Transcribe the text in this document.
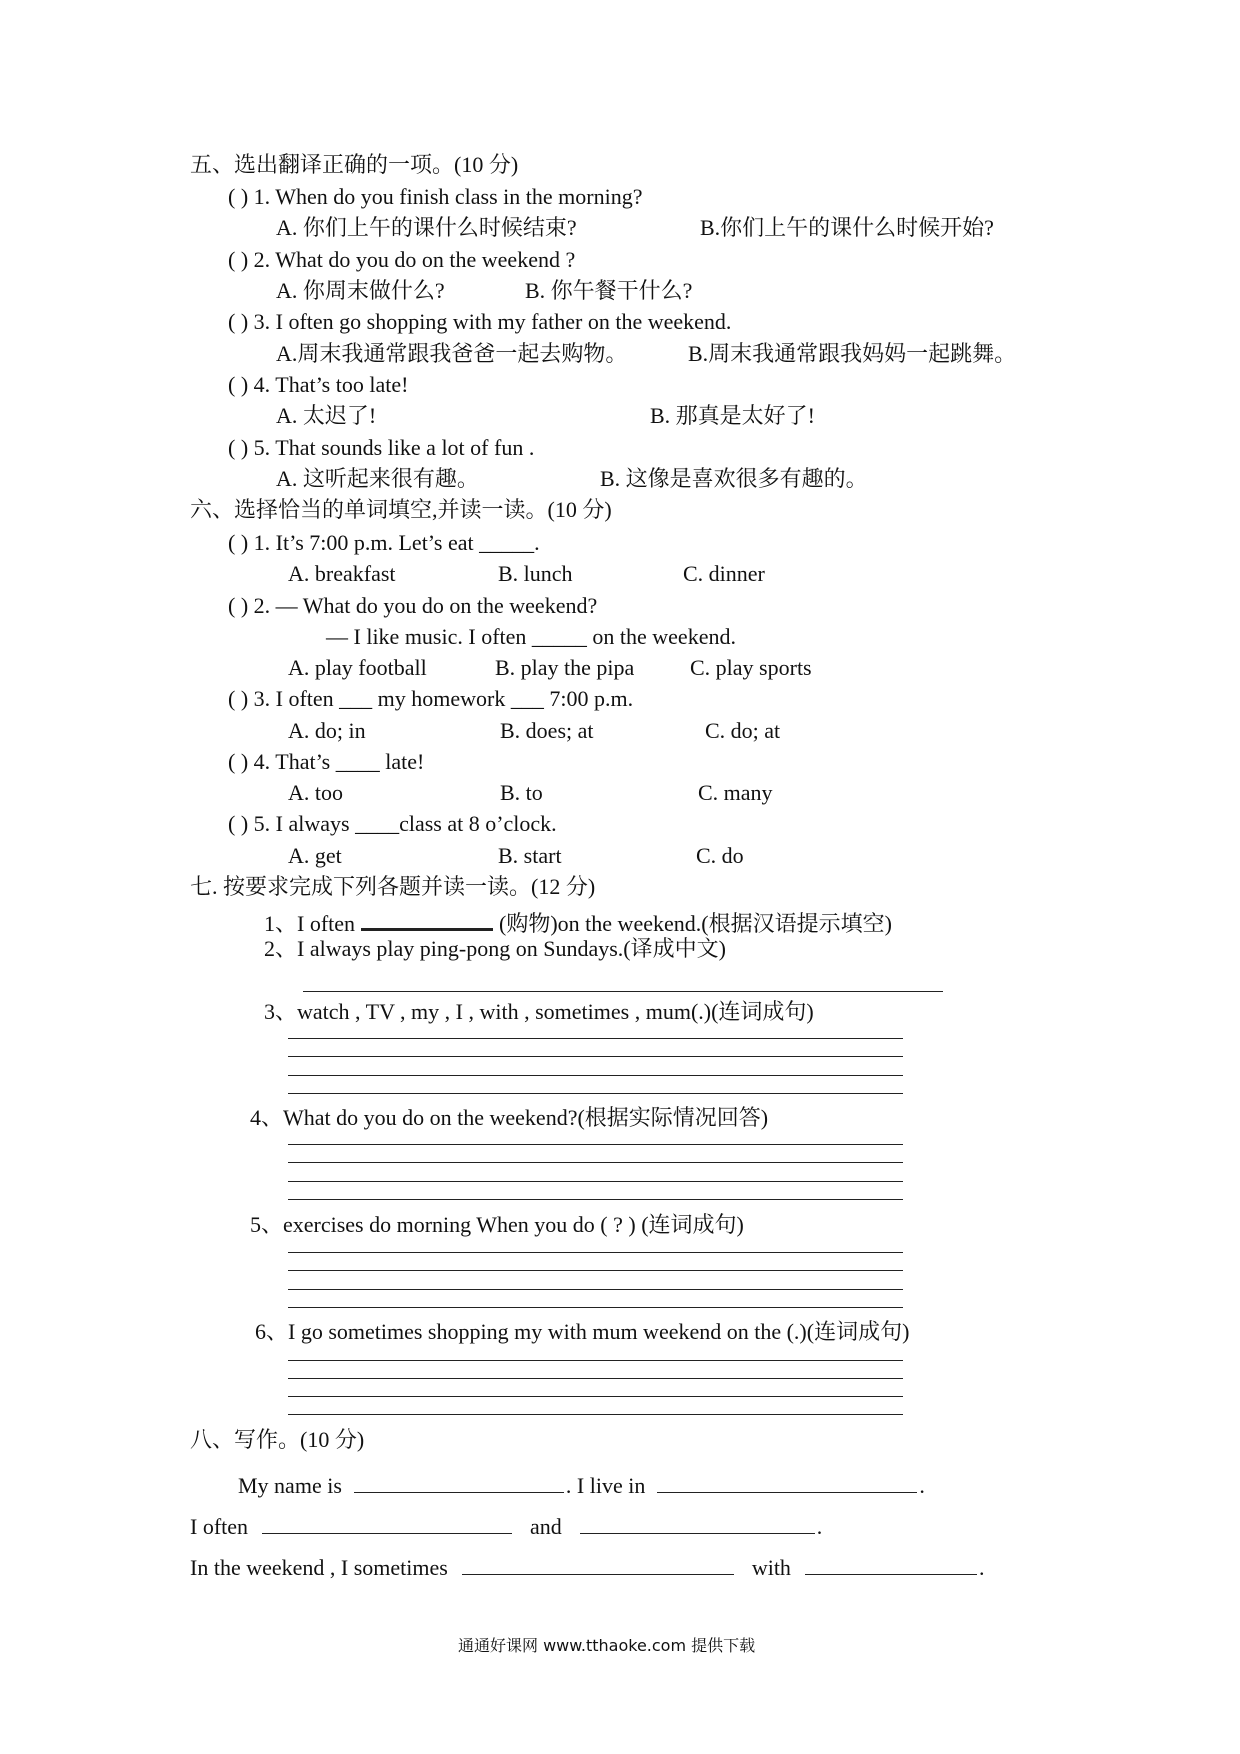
五、选出翻译正确的一项。(10 分)
( ) 1. When do you finish class in the morning?
A. 你们上午的课什么时候结束?	B.你们上午的课什么时候开始?
( ) 2. What do you do on the weekend ?
A. 你周末做什么?	B. 你午餐干什么?
( ) 3. I often go shopping with my father on the weekend.
A.周末我通常跟我爸爸一起去购物。	B.周末我通常跟我妈妈一起跳舞。
( ) 4. That’s too late!
A. 太迟了!	B. 那真是太好了!
( ) 5. That sounds like a lot of fun .
A. 这听起来很有趣。	B. 这像是喜欢很多有趣的。
六、选择恰当的单词填空,并读一读。(10 分)
( ) 1. It’s 7:00 p.m. Let’s eat _____.
A. breakfast	B. lunch	C. dinner
( ) 2. — What do you do on the weekend?
— I like music. I often _____ on the weekend.
A. play football	B. play the pipa	C. play sports
( ) 3. I often ___ my homework ___ 7:00 p.m.
A. do; in	B. does; at	C. do; at
( ) 4. That’s ____ late!
A. too	B. to	C. many
( ) 5. I always ____class at 8 o’clock.
A. get	B. start	C. do
七. 按要求完成下列各题并读一读。(12 分)
1、I often	(购物)on the weekend.(根据汉语提示填空)
2、I always play ping-pong on Sundays.(译成中文)
3、watch , TV , my , I , with , sometimes , mum(.)(连词成句)
4、What do you do on the weekend?(根据实际情况回答)
5、exercises do morning When you do ( ? ) (连词成句)
6、I go sometimes shopping my with mum weekend on the (.)(连词成句)
八、写作。(10 分)
My name is	. I live in	.
I often	and	.
In the weekend , I sometimes	with	.
通通好课网 www.tthaoke.com 提供下载
